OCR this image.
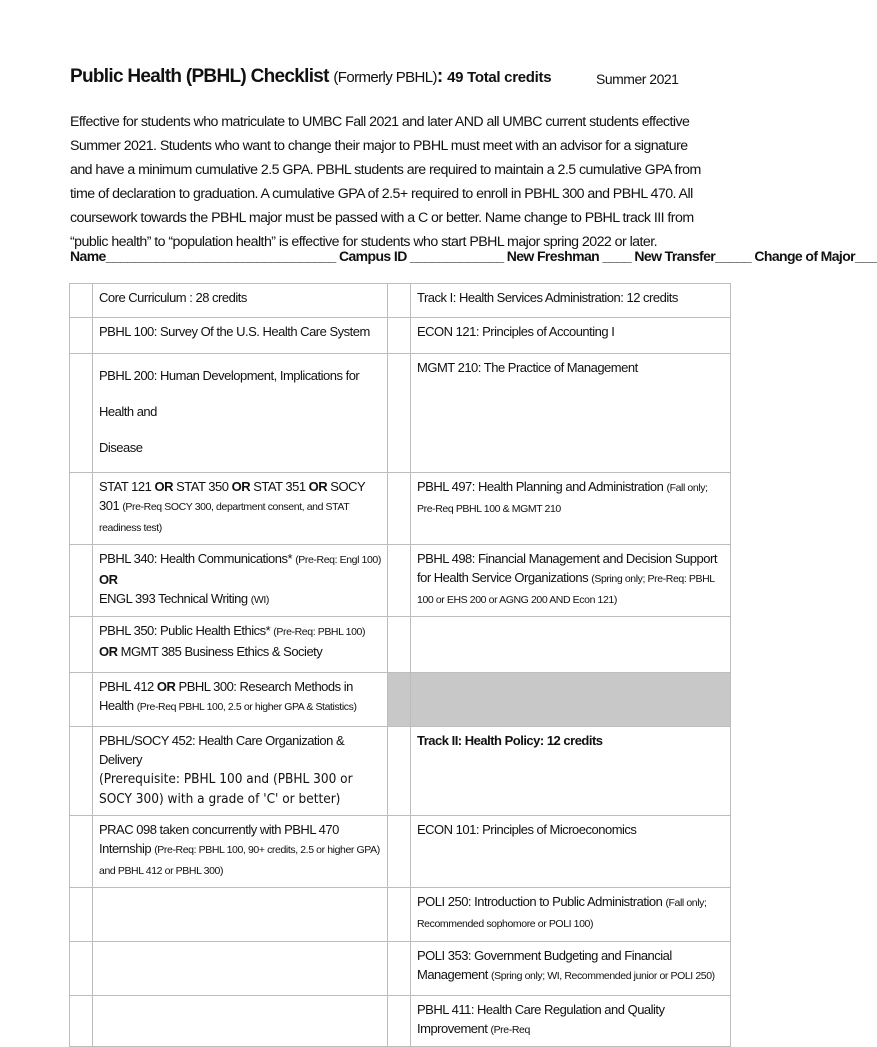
Public Health (PBHL) Checklist (Formerly PBHL): 49 Total credits	Summer 2021

Effective for students who matriculate to UMBC Fall 2021 and later AND all UMBC current students effective Summer 2021. Students who want to change their major to PBHL must meet with an advisor for a signature and have a minimum cumulative 2.5 GPA. PBHL students are required to maintain a 2.5 cumulative GPA from time of declaration to graduation. A cumulative GPA of 2.5+ required to enroll in PBHL 300 and PBHL 470. All coursework towards the PBHL major must be passed with a C or better. Name change to PBHL track III from “public health” to “population health” is effective for students who start PBHL major spring 2022 or later.

Name________________________________ Campus ID _____________ New Freshman ____ New Transfer_____ Change of Major___
	Core Curriculum : 28 credits		Track I: Health Services Administration: 12 credits
	PBHL 100: Survey Of the U.S. Health Care System		ECON 121: Principles of Accounting I
	PBHL 200: Human Development, Implications for Health and
Disease		MGMT 210: The Practice of Management
	STAT 121 OR STAT 350 OR STAT 351 OR SOCY 301 (Pre-Req SOCY 300, department consent, and STAT readiness test)		PBHL 497: Health Planning and Administration (Fall only; Pre-Req PBHL 100 & MGMT 210
	PBHL 340: Health Communications* (Pre-Req: Engl 100) OR
ENGL 393 Technical Writing (WI)		PBHL 498: Financial Management and Decision Support for Health Service Organizations (Spring only; Pre-Req: PBHL 100 or EHS 200 or AGNG 200 AND Econ 121)
	PBHL 350: Public Health Ethics* (Pre-Req: PBHL 100) OR MGMT 385 Business Ethics & Society		
	PBHL 412 OR PBHL 300: Research Methods in Health (Pre-Req PBHL 100, 2.5 or higher GPA & Statistics)		
	PBHL/SOCY 452: Health Care Organization & Delivery
(Prerequisite: PBHL 100 and (PBHL 300 or SOCY 300) with a grade of 'C' or better)		Track II: Health Policy: 12 credits
	PRAC 098 taken concurrently with PBHL 470 Internship (Pre-Req: PBHL 100, 90+ credits, 2.5 or higher GPA) and PBHL 412 or PBHL 300)		ECON 101: Principles of Microeconomics
			POLI 250: Introduction to Public Administration (Fall only; Recommended sophomore or POLI 100)
			POLI 353: Government Budgeting and Financial Management (Spring only; WI, Recommended junior or POLI 250)
			PBHL 411: Health Care Regulation and Quality Improvement (Pre-Req
